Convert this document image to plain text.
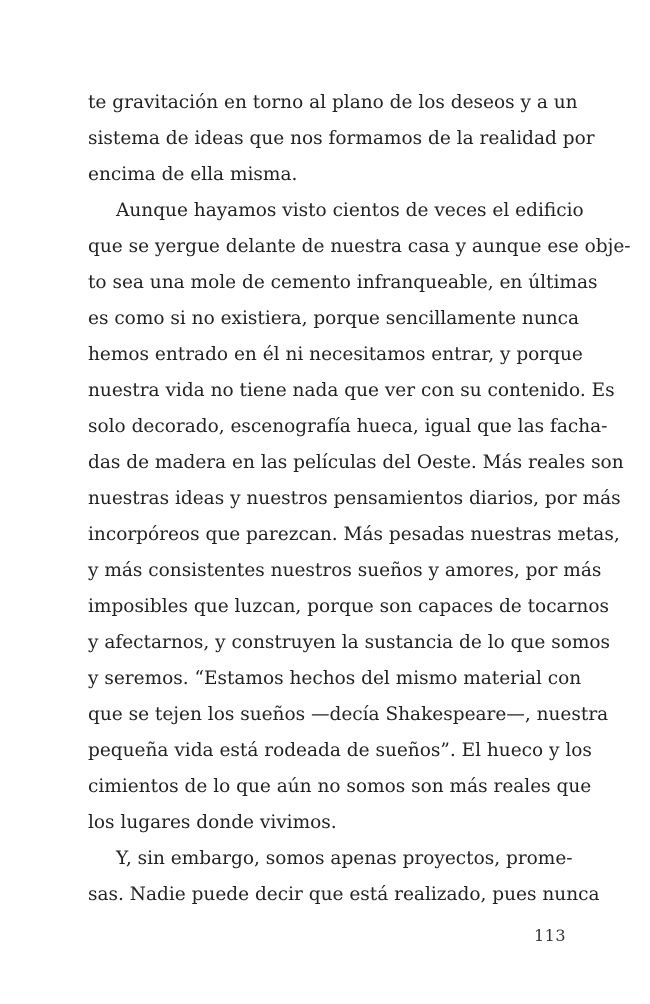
te gravitación en torno al plano de los deseos y a un
sistema de ideas que nos formamos de la realidad por
encima de ella misma.
Aunque hayamos visto cientos de veces el edificio
que se yergue delante de nuestra casa y aunque ese obje-
to sea una mole de cemento infranqueable, en últimas
es como si no existiera, porque sencillamente nunca
hemos entrado en él ni necesitamos entrar, y porque
nuestra vida no tiene nada que ver con su contenido. Es
solo decorado, escenografía hueca, igual que las facha-
das de madera en las películas del Oeste. Más reales son
nuestras ideas y nuestros pensamientos diarios, por más
incorpóreos que parezcan. Más pesadas nuestras metas,
y más consistentes nuestros sueños y amores, por más
imposibles que luzcan, porque son capaces de tocarnos
y afectarnos, y construyen la sustancia de lo que somos
y seremos. “Estamos hechos del mismo material con
que se tejen los sueños —decía Shakespeare—, nuestra
pequeña vida está rodeada de sueños”. El hueco y los
cimientos de lo que aún no somos son más reales que
los lugares donde vivimos.
Y, sin embargo, somos apenas proyectos, prome-
sas. Nadie puede decir que está realizado, pues nunca
113
